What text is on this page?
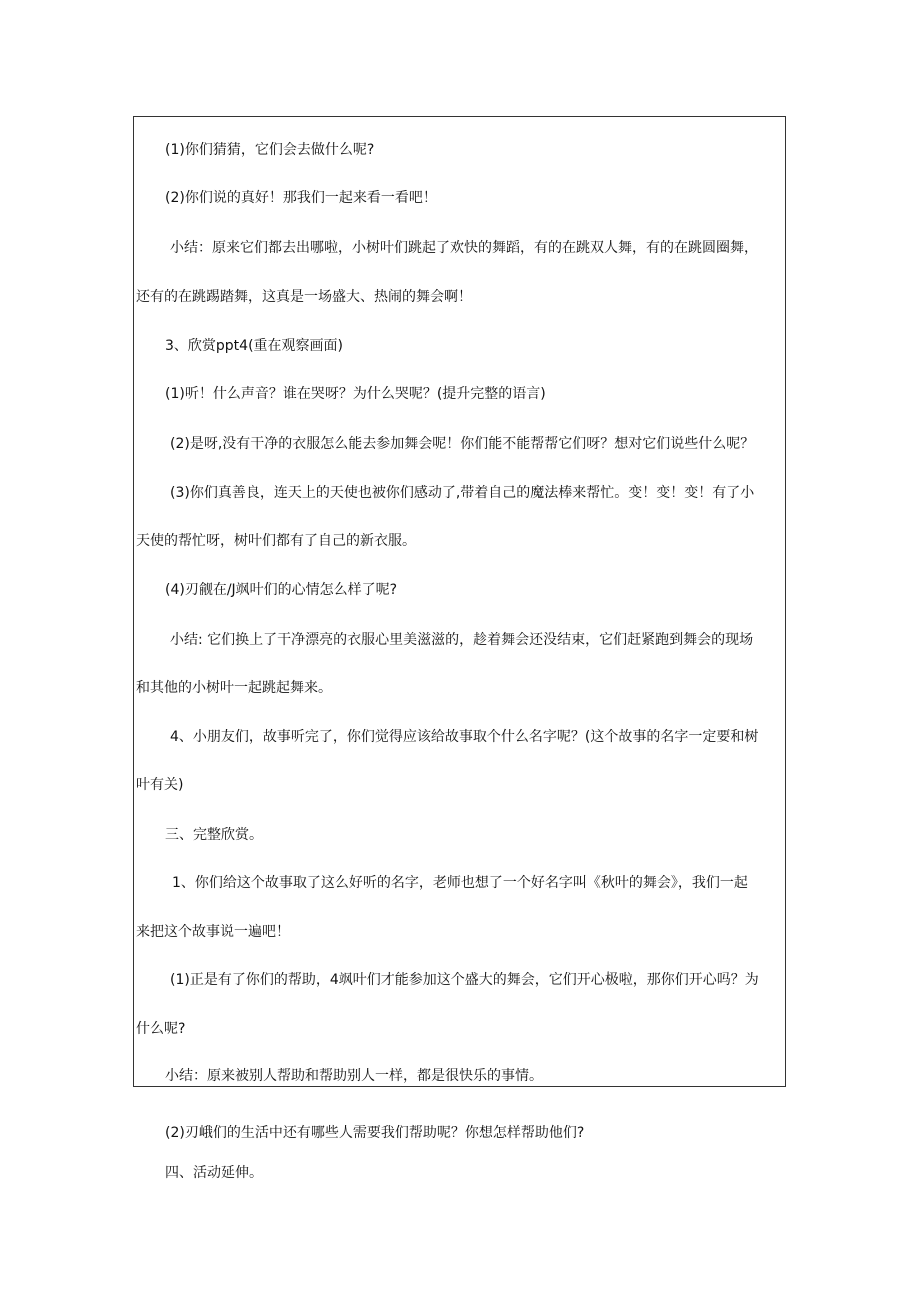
(1)你们猜猜，它们会去做什么呢?
(2)你们说的真好！那我们一起来看一看吧！
小结：原来它们都去出哪啦，小树叶们跳起了欢快的舞蹈，有的在跳双人舞，有的在跳圆圈舞，
还有的在跳踢踏舞，这真是一场盛大、热闹的舞会啊！
3、欣赏ppt4(重在观察画面)
(1)听！什么声音？谁在哭呀？为什么哭呢？(提升完整的语言)
(2)是呀,没有干净的衣服怎么能去参加舞会呢！你们能不能帮帮它们呀？想对它们说些什么呢？
(3)你们真善良，连天上的天使也被你们感动了,带着自己的魔法棒来帮忙。变！变！变！有了小
天使的帮忙呀，树叶们都有了自己的新衣服。
(4)刃觎在/J飒叶们的心情怎么样了呢?
小结: 它们换上了干净漂亮的衣服心里美滋滋的，趁着舞会还没结束，它们赶紧跑到舞会的现场
和其他的小树叶一起跳起舞来。
4、小朋友们，故事听完了，你们觉得应该给故事取个什么名字呢？(这个故事的名字一定要和树
叶有关)
三、完整欣赏。
1、你们给这个故事取了这么好听的名字，老师也想了一个好名字叫《秋叶的舞会》，我们一起
来把这个故事说一遍吧！
(1)正是有了你们的帮助，4飒叶们才能参加这个盛大的舞会，它们开心极啦，那你们开心吗？为
什么呢?
小结：原来被别人帮助和帮助别人一样，都是很快乐的事情。
(2)刃峨们的生活中还有哪些人需要我们帮助呢？你想怎样帮助他们?
四、活动延伸。
